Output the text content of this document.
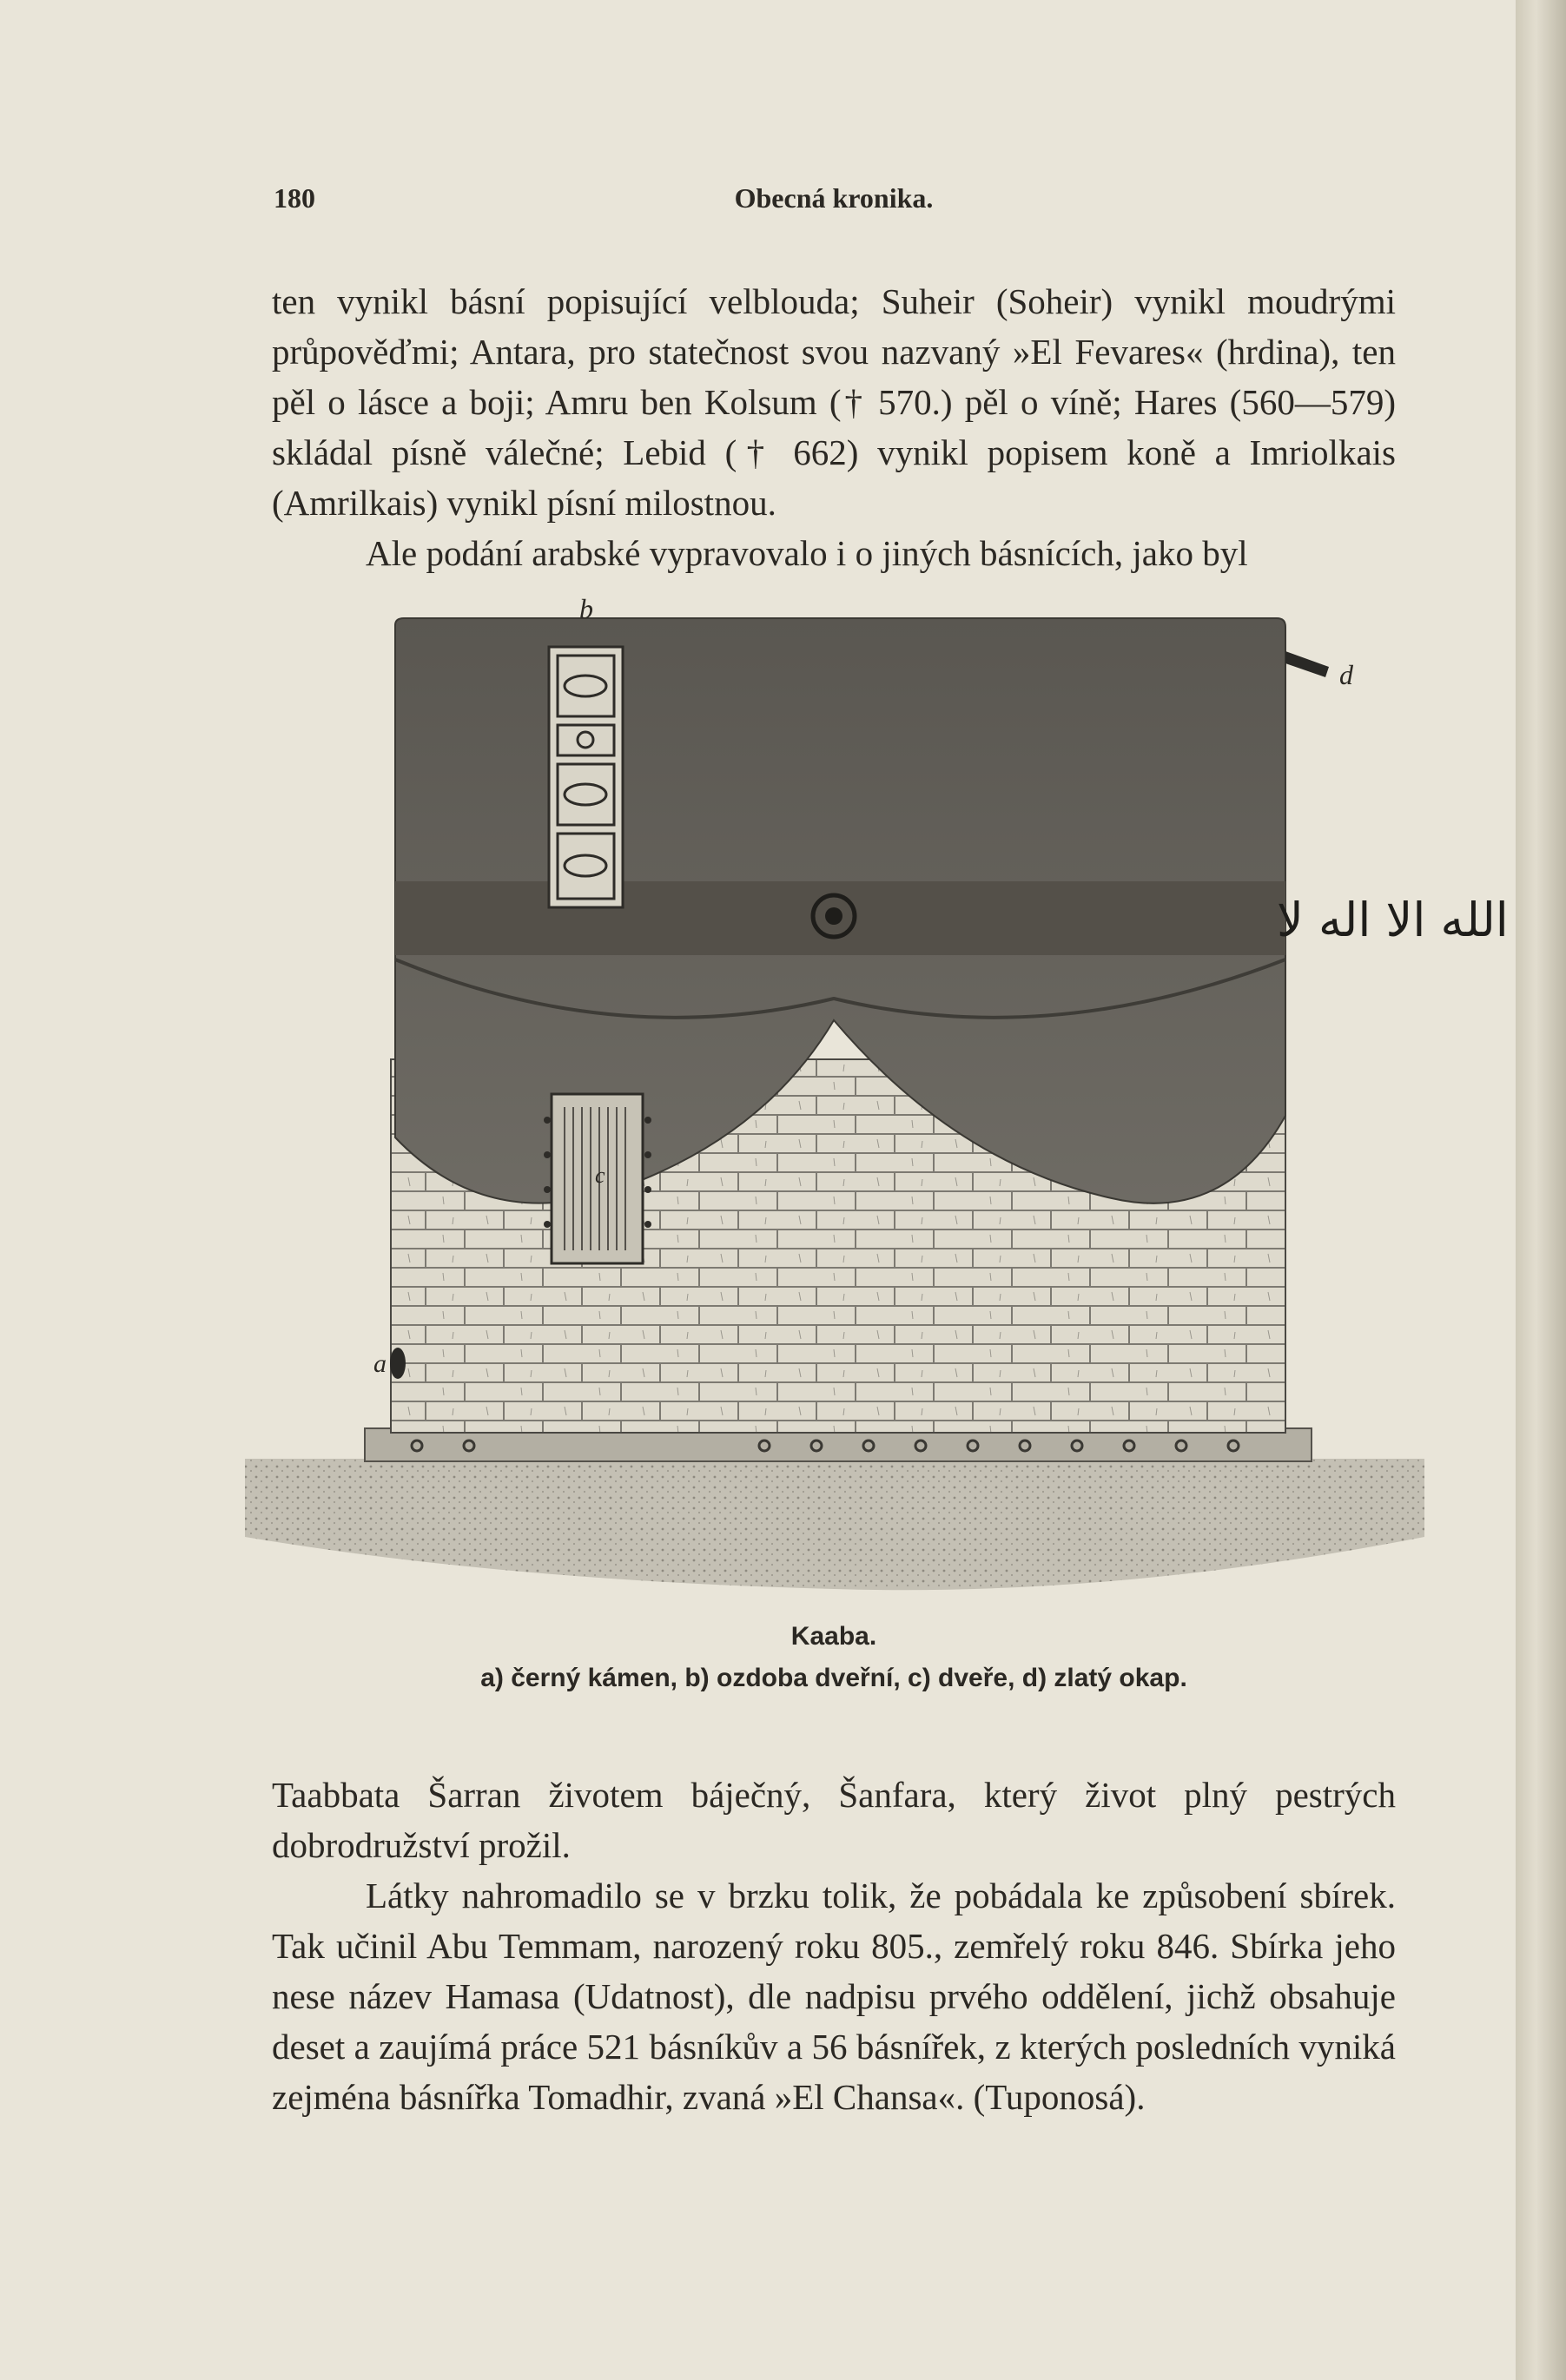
180	Obecná kronika.

ten vynikl básní popisující velblouda; Suheir (Soheir) vynikl moudrými průpověďmi; Antara, pro statečnost svou nazvaný »El Fevares« (hrdina), ten pěl o lásce a boji; Amru ben Kolsum († 570.) pěl o víně; Hares (560—579) skládal písně válečné; Lebid († 662) vynikl popisem koně a Imriolkais (Amrilkais) vynikl písní milostnou.

Ale podání arabské vypravovalo i o jiných básnících, jako byl

الله الا اله لا
b
d
c
a
Kaaba.
a) černý kámen, b) ozdoba dveřní, c) dveře, d) zlatý okap.

Taabbata Šarran životem báječný, Šanfara, který život plný pestrých dobrodružství prožil.

Látky nahromadilo se v brzku tolik, že pobádala ke způsobení sbírek. Tak učinil Abu Temmam, narozený roku 805., zemřelý roku 846. Sbírka jeho nese název Hamasa (Udatnost), dle nadpisu prvého oddělení, jichž obsahuje deset a zaujímá práce 521 básníkův a 56 básnířek, z kterých posledních vyniká zejména básnířka Tomadhir, zvaná »El Chansa«. (Tuponosá).
